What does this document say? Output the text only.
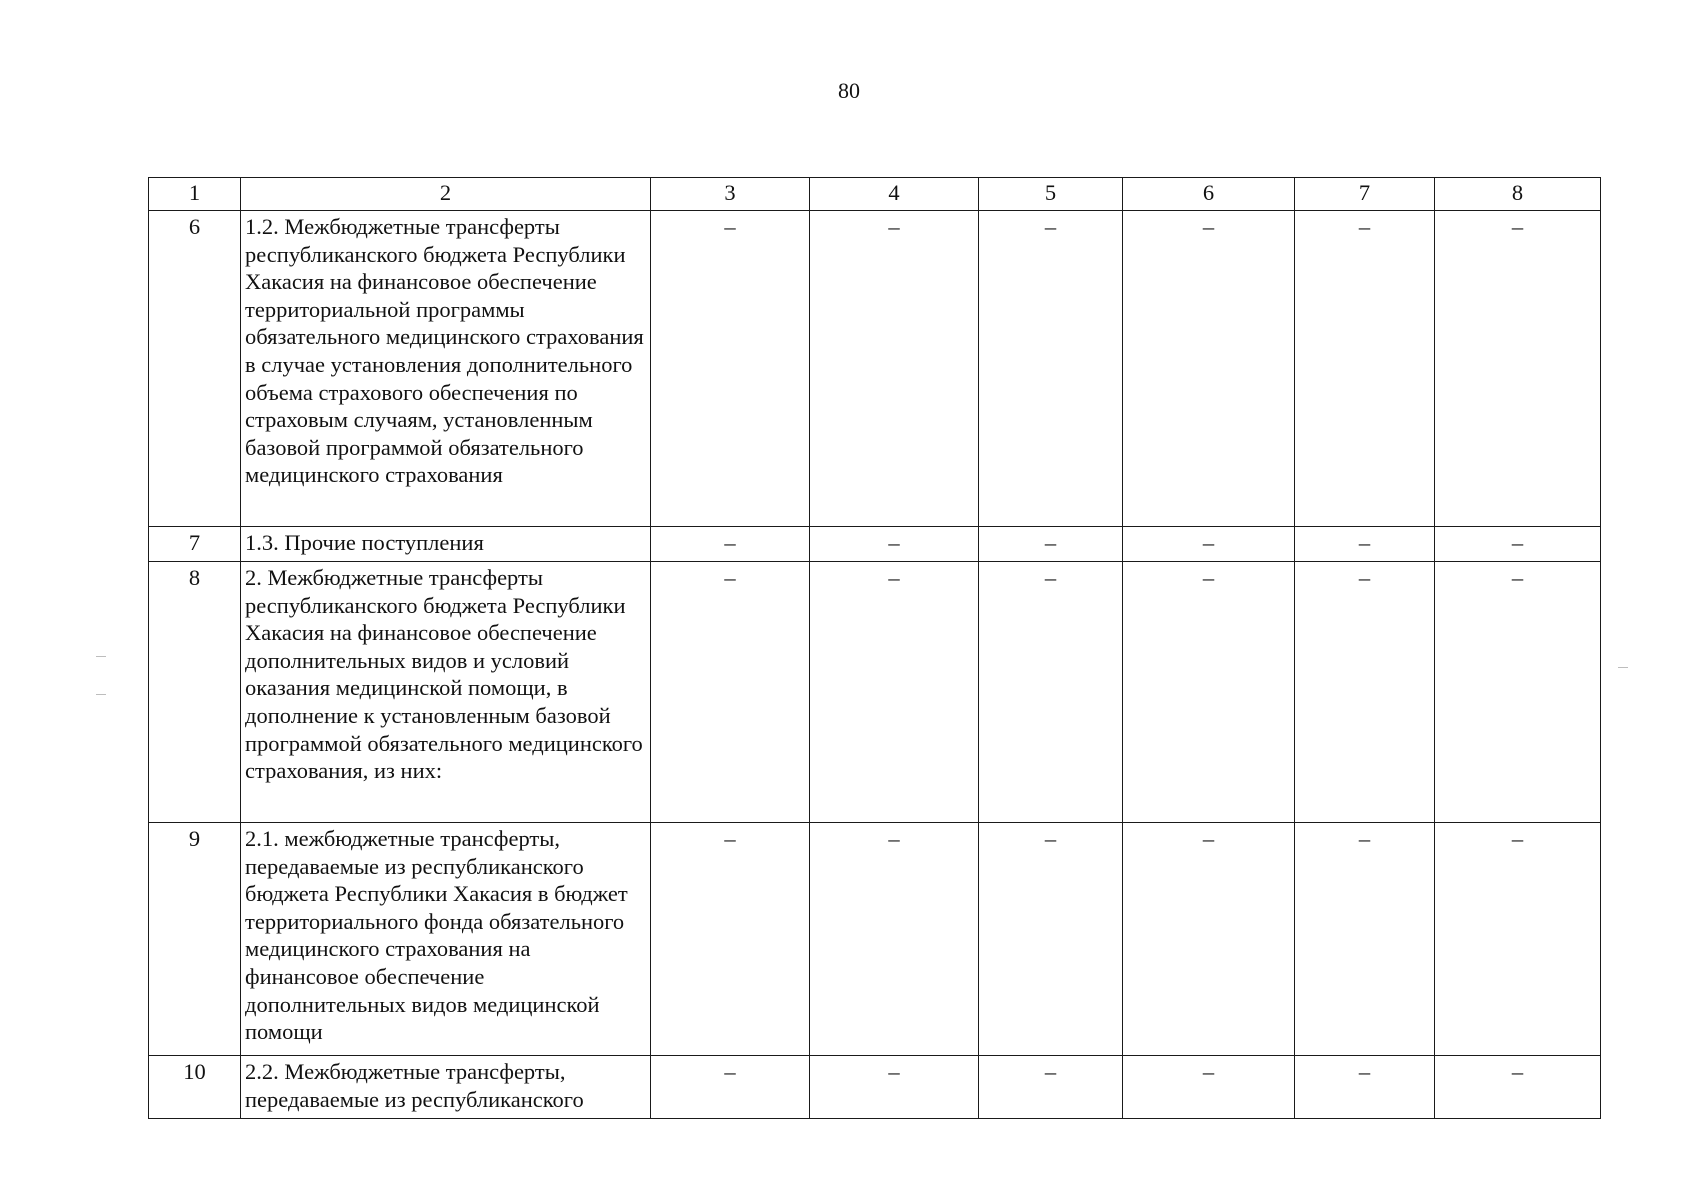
80
1	2	3	4	5	6	7	8
6	1.2. Межбюджетные трансферты республиканского бюджета Республики Хакасия на финансовое обеспечение территориальной программы обязательного медицинского страхования в случае установления дополнительного объема страхового обеспечения по страховым случаям, установленным базовой программой обязательного медицинского страхования	–	–	–	–	–	–
7	1.3. Прочие поступления	–	–	–	–	–	–
8	2. Межбюджетные трансферты республиканского бюджета Республики Хакасия на финансовое обеспечение дополнительных видов и условий оказания медицинской помощи, в дополнение к установленным базовой программой обязательного медицинского страхования, из них:	–	–	–	–	–	–
9	2.1. межбюджетные трансферты, передаваемые из республиканского бюджета Республики Хакасия в бюджет территориального фонда обязательного медицинского страхования на финансовое обеспечение дополнительных видов медицинской помощи	–	–	–	–	–	–
10	2.2. Межбюджетные трансферты, передаваемые из республиканского	–	–	–	–	–	–
